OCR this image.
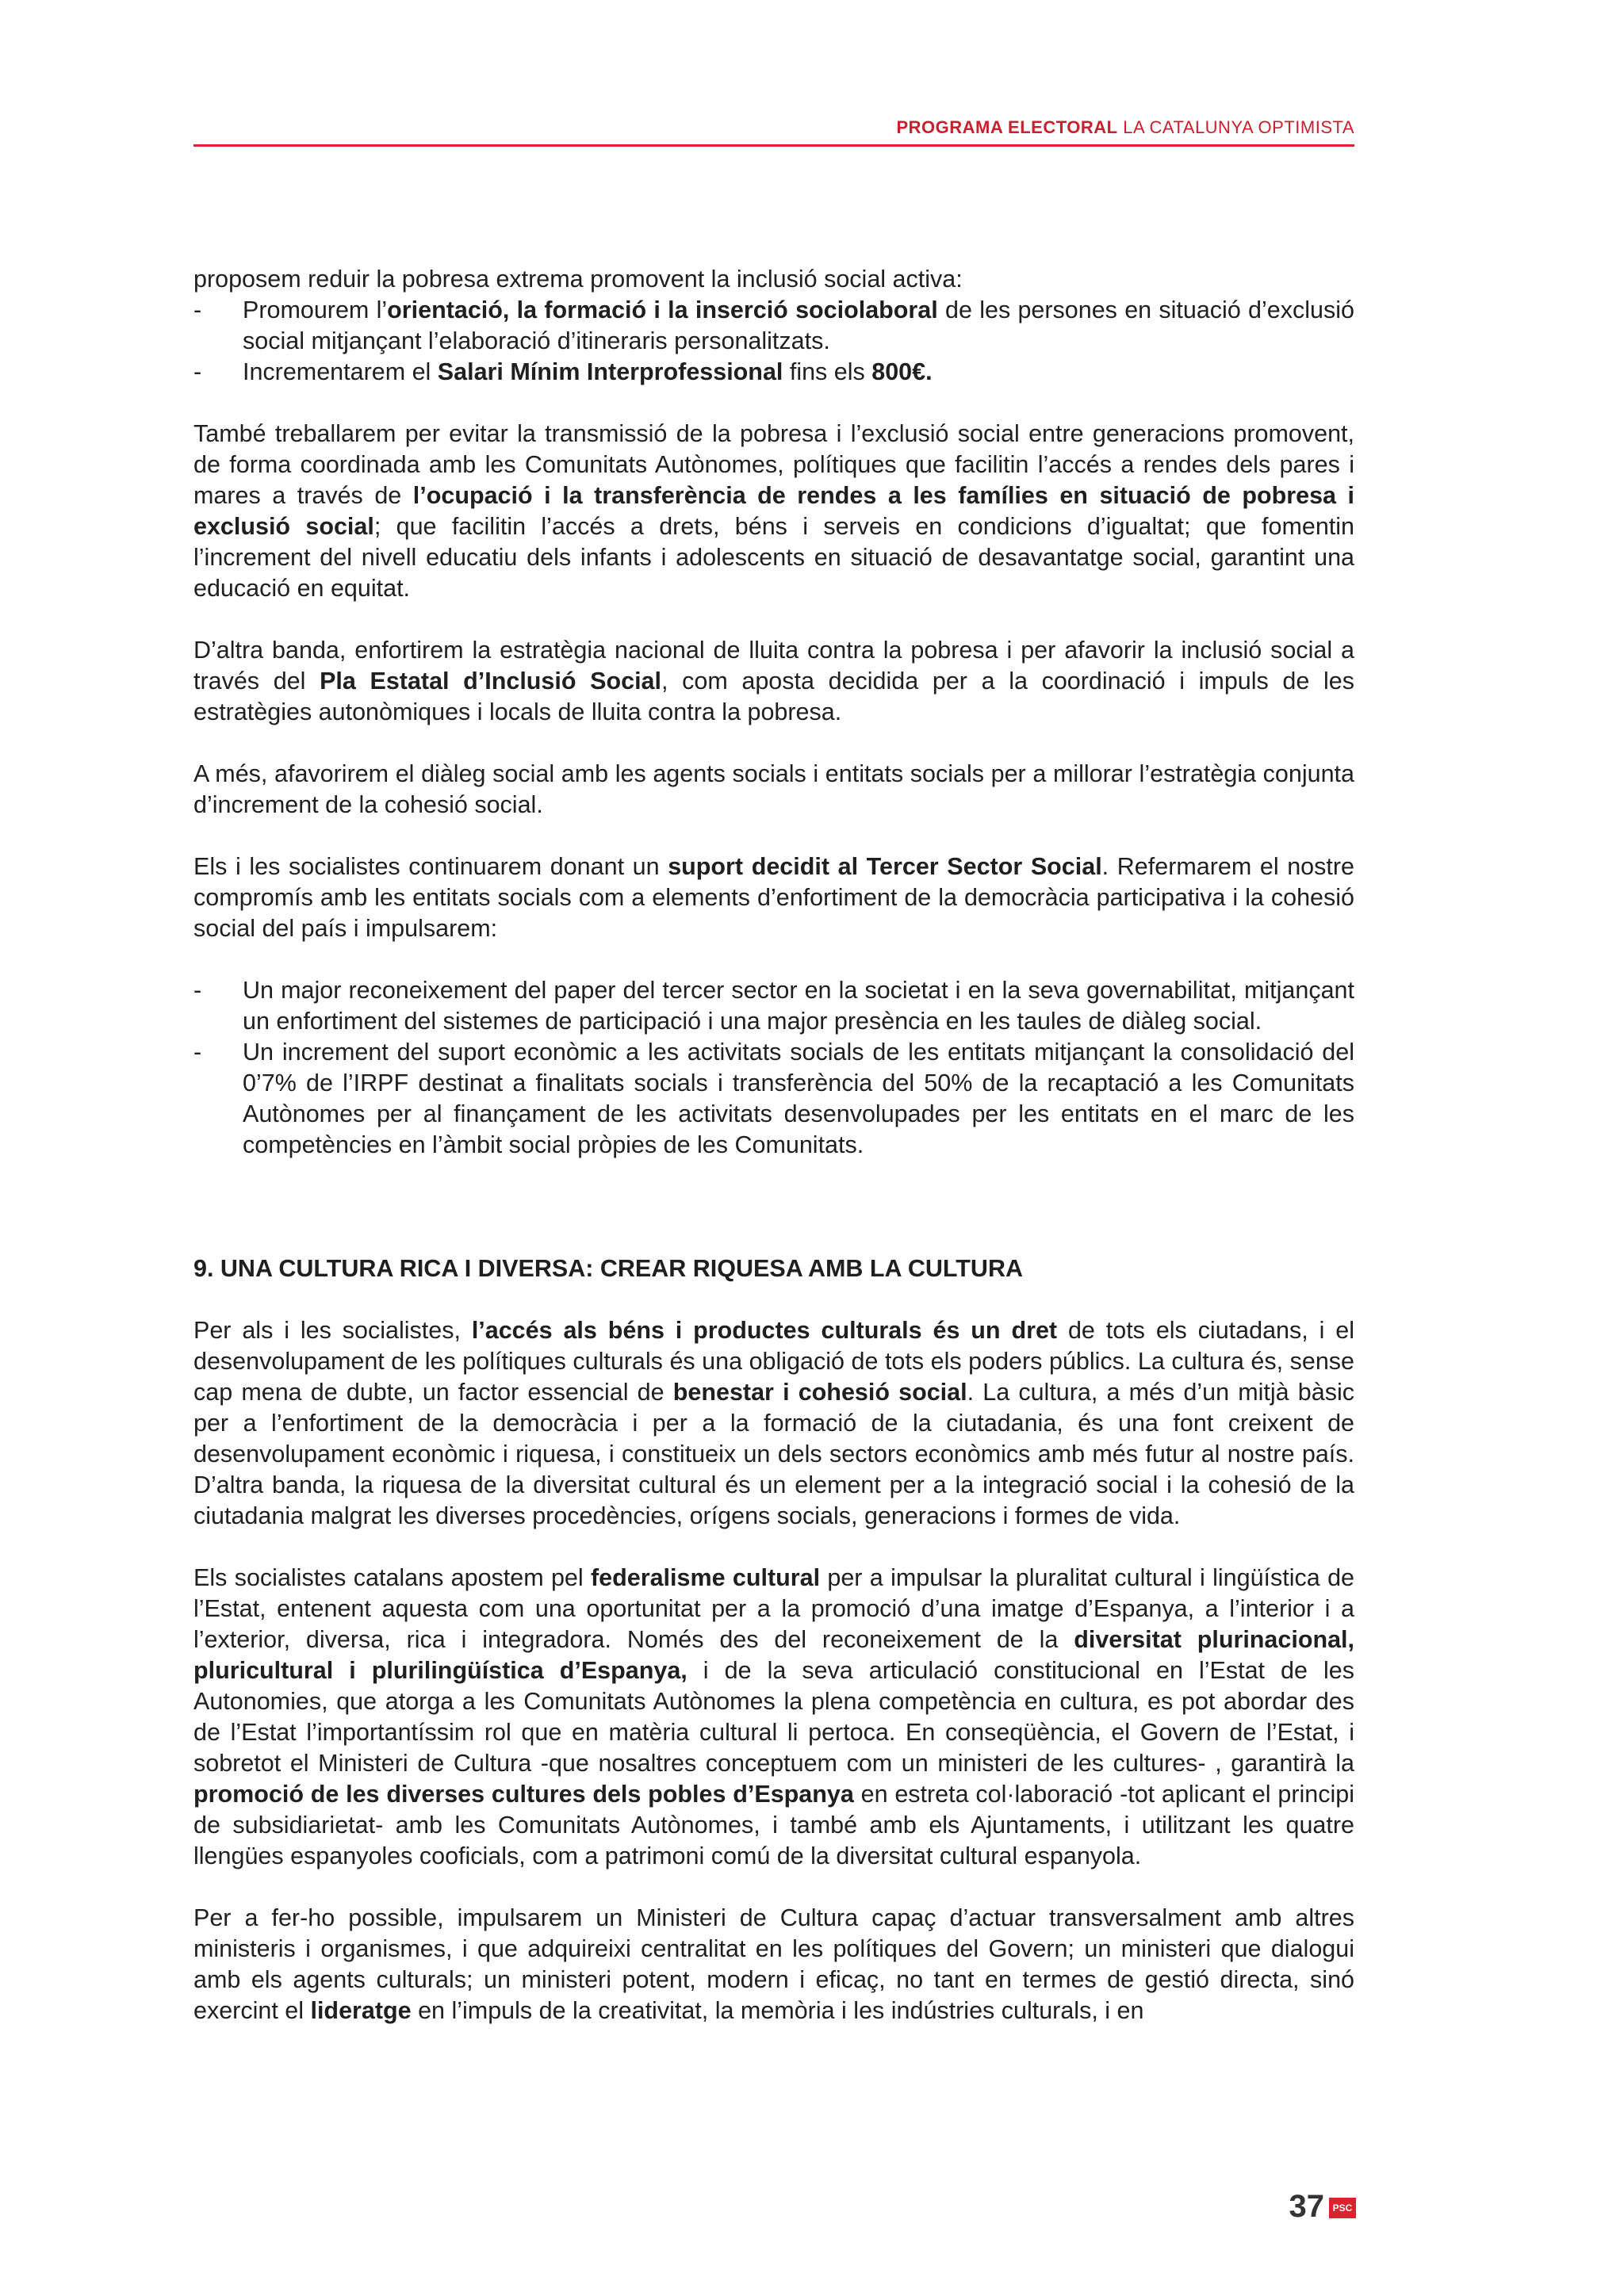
PROGRAMA ELECTORAL LA CATALUNYA OPTIMISTA

proposem reduir la pobresa extrema promovent la inclusió social activa:

- Promourem l’orientació, la formació i la inserció sociolaboral de les persones en situació d’exclusió social mitjançant l’elaboració d’itineraris personalitzats.
- Incrementarem el Salari Mínim Interprofessional fins els 800€.

També treballarem per evitar la transmissió de la pobresa i l’exclusió social entre generacions promovent, de forma coordinada amb les Comunitats Autònomes, polítiques que facilitin l’accés a rendes dels pares i mares a través de l’ocupació i la transferència de rendes a les famílies en situació de pobresa i exclusió social; que facilitin l’accés a drets, béns i serveis en condicions d’igualtat; que fomentin l’increment del nivell educatiu dels infants i adolescents en situació de desavantatge social, garantint una educació en equitat.

D’altra banda, enfortirem la estratègia nacional de lluita contra la pobresa i per afavorir la inclusió social a través del Pla Estatal d’Inclusió Social, com aposta decidida per a la coordinació i impuls de les estratègies autonòmiques i locals de lluita contra la pobresa.

A més, afavorirem el diàleg social amb les agents socials i entitats socials per a millorar l’estratègia conjunta d’increment de la cohesió social.

Els i les socialistes continuarem donant un suport decidit al Tercer Sector Social. Refermarem el nostre compromís amb les entitats socials com a elements d’enfortiment de la democràcia participativa i la cohesió social del país i impulsarem:

- Un major reconeixement del paper del tercer sector en la societat i en la seva governabilitat, mitjançant un enfortiment del sistemes de participació i una major presència en les taules de diàleg social.
- Un increment del suport econòmic a les activitats socials de les entitats mitjançant la consolidació del 0’7% de l’IRPF destinat a finalitats socials i transferència del 50% de la recaptació a les Comunitats Autònomes per al finançament de les activitats desenvolupades per les entitats en el marc de les competències en l’àmbit social pròpies de les Comunitats.
9. UNA CULTURA RICA I DIVERSA: CREAR RIQUESA AMB LA CULTURA

Per als i les socialistes, l’accés als béns i productes culturals és un dret de tots els ciutadans, i el desenvolupament de les polítiques culturals és una obligació de tots els poders públics. La cultura és, sense cap mena de dubte, un factor essencial de benestar i cohesió social. La cultura, a més d’un mitjà bàsic per a l’enfortiment de la democràcia i per a la formació de la ciutadania, és una font creixent de desenvolupament econòmic i riquesa, i constitueix un dels sectors econòmics amb més futur al nostre país. D’altra banda, la riquesa de la diversitat cultural és un element per a la integració social i la cohesió de la ciutadania malgrat les diverses procedències, orígens socials, generacions i formes de vida.

Els socialistes catalans apostem pel federalisme cultural per a impulsar la pluralitat cultural i lingüística de l’Estat, entenent aquesta com una oportunitat per a la promoció d’una imatge d’Espanya, a l’interior i a l’exterior, diversa, rica i integradora. Només des del reconeixement de la diversitat plurinacional, pluricultural i plurilingüística d’Espanya, i de la seva articulació constitucional en l’Estat de les Autonomies, que atorga a les Comunitats Autònomes la plena competència en cultura, es pot abordar des de l’Estat l’importantíssim rol que en matèria cultural li pertoca. En conseqüència, el Govern de l’Estat, i sobretot el Ministeri de Cultura -que nosaltres conceptuem com un ministeri de les cultures- , garantirà la promoció de les diverses cultures dels pobles d’Espanya en estreta col·laboració -tot aplicant el principi de subsidiarietat- amb les Comunitats Autònomes, i també amb els Ajuntaments, i utilitzant les quatre llengües espanyoles cooficials, com a patrimoni comú de la diversitat cultural espanyola.

Per a fer-ho possible, impulsarem un Ministeri de Cultura capaç d’actuar transversalment amb altres ministeris i organismes, i que adquireixi centralitat en les polítiques del Govern; un ministeri que dialogui amb els agents culturals; un ministeri potent, modern i eficaç, no tant en termes de gestió directa, sinó exercint el lideratge en l’impuls de la creativitat, la memòria i les indústries culturals, i en

37 PSC
